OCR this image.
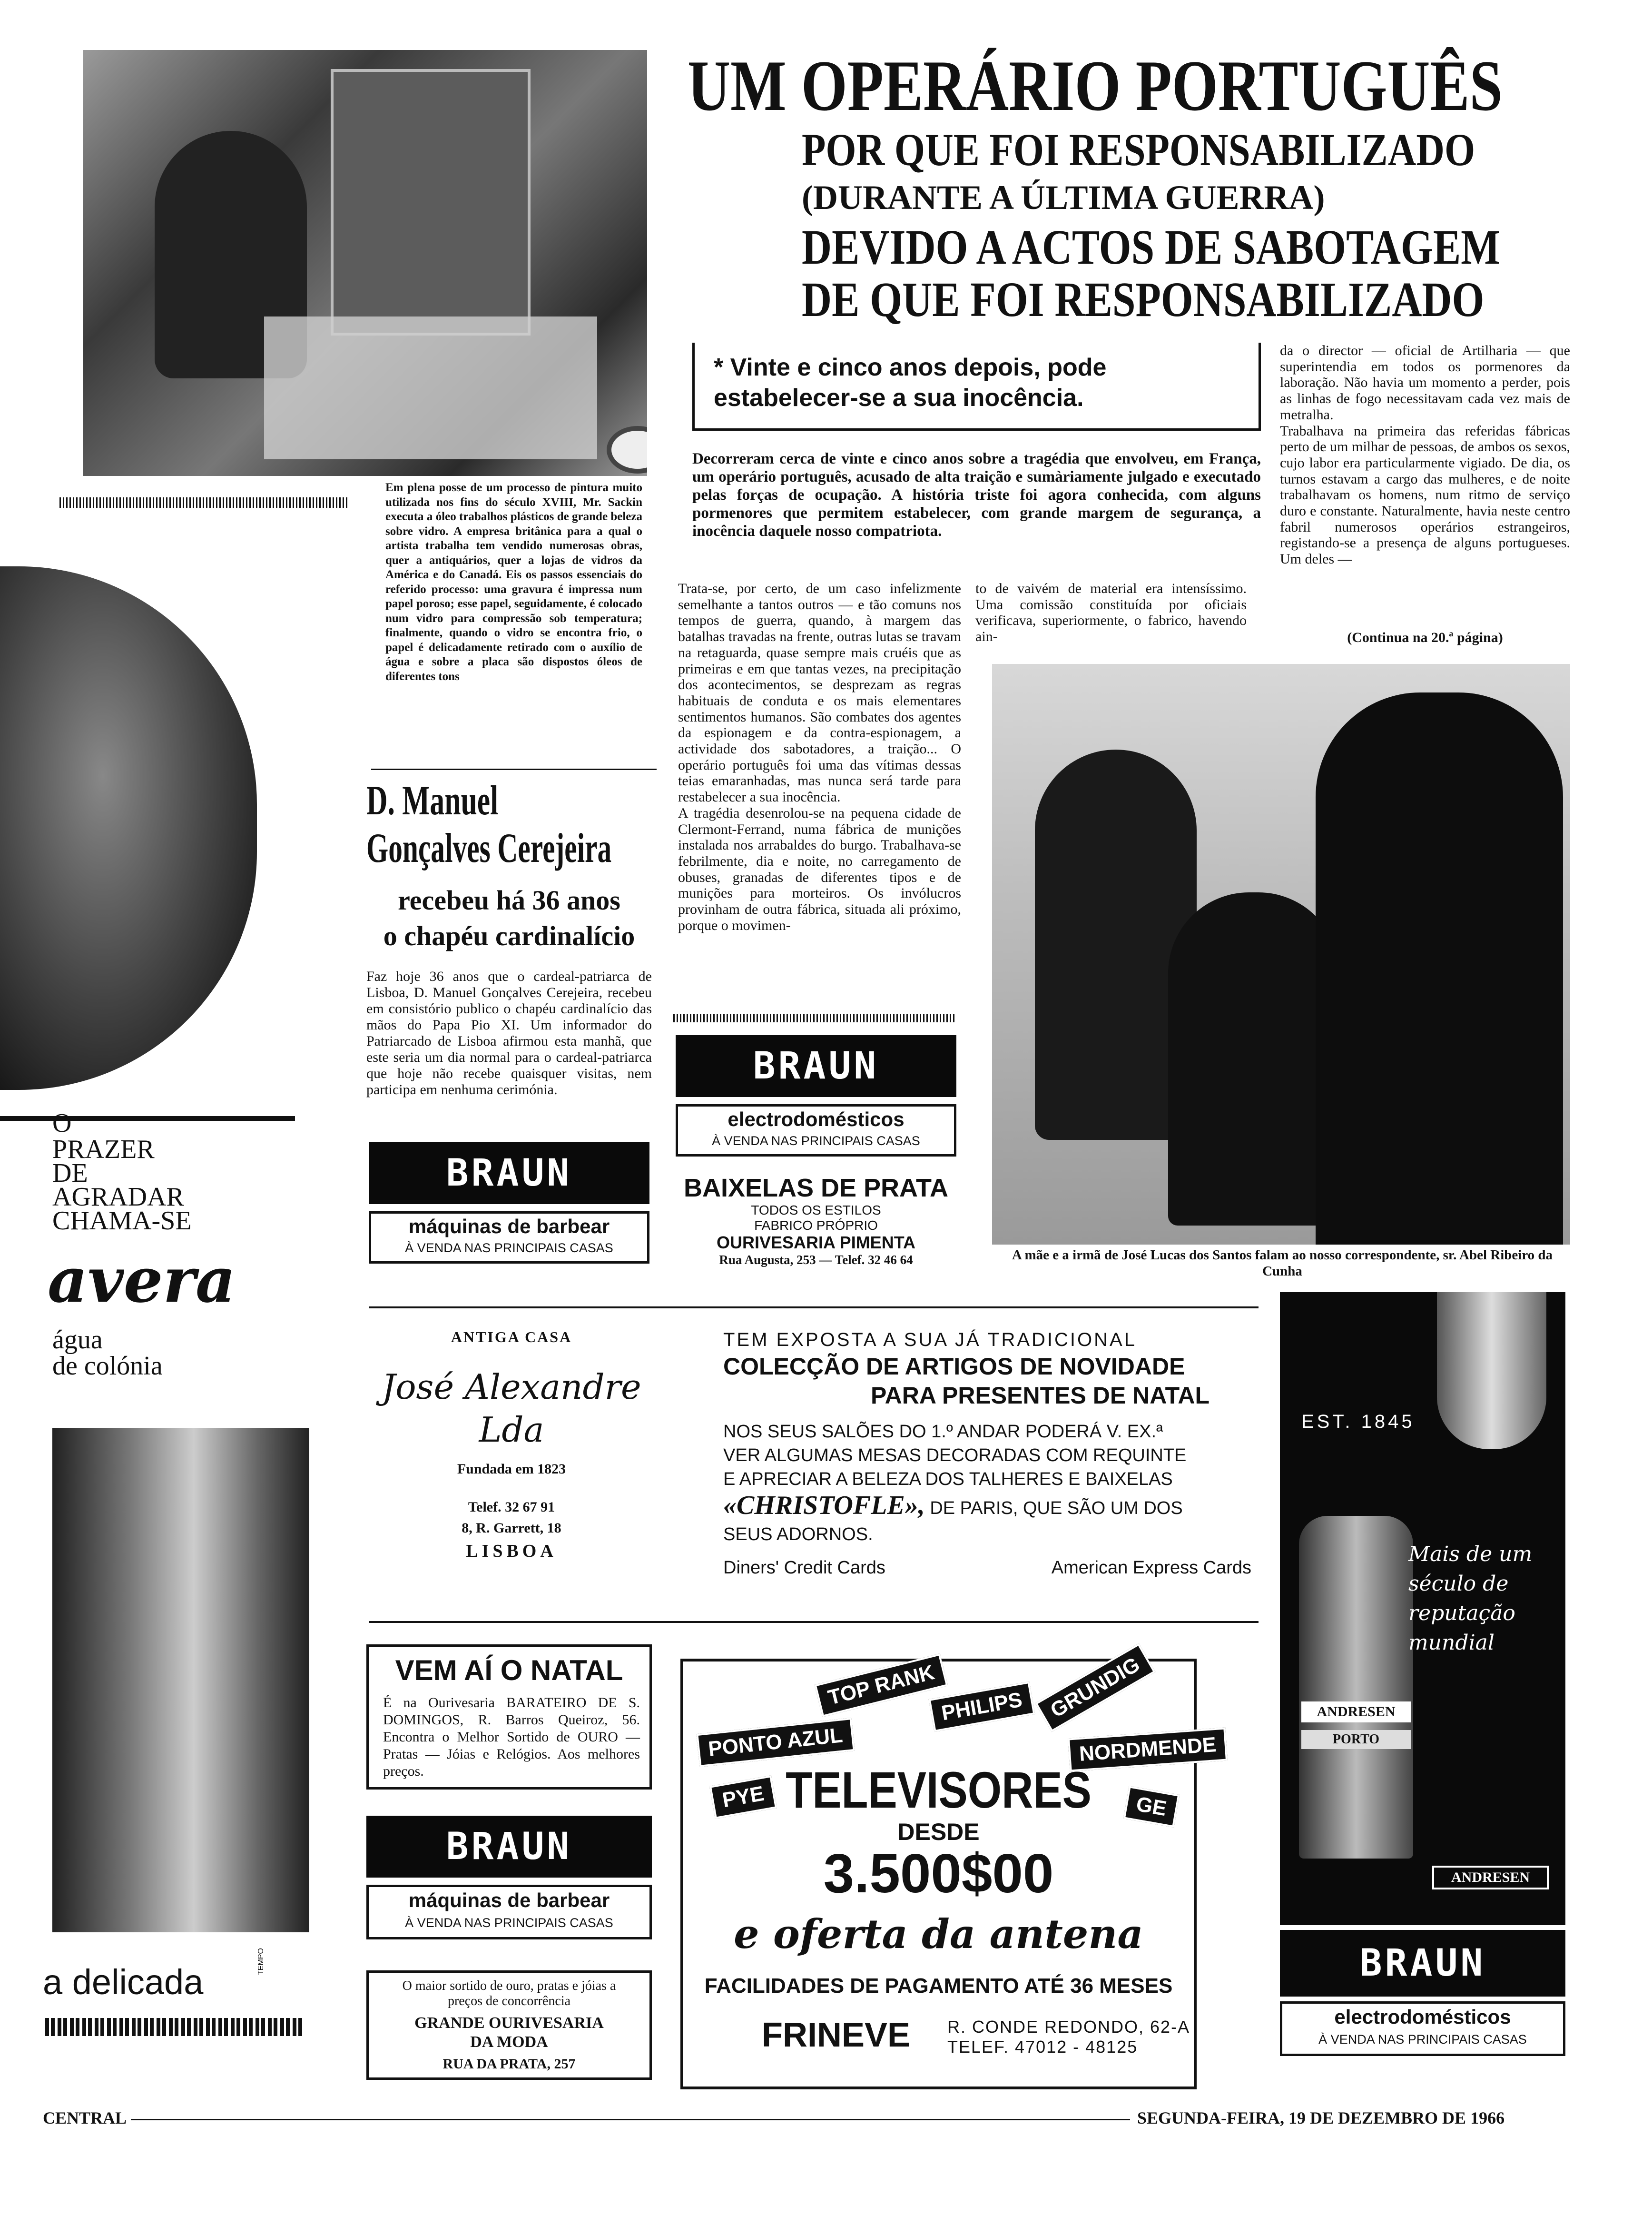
Em plena posse de um processo de pintura muito utilizada nos fins do século XVIII, Mr. Sackin executa a óleo trabalhos plásticos de grande beleza sobre vidro. A empresa britânica para a qual o artista trabalha tem vendido numerosas obras, quer a antiquários, quer a lojas de vidros da América e do Canadá. Eis os passos essenciais do referido processo: uma gravura é impressa num papel poroso; esse papel, seguidamente, é colocado num vidro para compressão sob temperatura; finalmente, quando o vidro se encontra frio, o papel é delicadamente retirado com o auxílio de água e sobre a placa são dispostos óleos de diferentes tons
D. Manuel
Gonçalves Cerejeira
recebeu há 36 anos
o chapéu cardinalício
Faz hoje 36 anos que o cardeal-patriarca de Lisboa, D. Manuel Gonçalves Cerejeira, recebeu em consistório publico o chapéu cardinalício das mãos do Papa Pio XI. Um informador do Patriarcado de Lisboa afirmou esta manhã, que este seria um dia normal para o cardeal-patriarca que hoje não recebe quaisquer visitas, nem participa em nenhuma cerimónia.
BRAUN
máquinas de barbear
À VENDA NAS PRINCIPAIS CASAS
O
PRAZER
DE
AGRADAR
CHAMA-SE
avera
água
de colónia
a delicada
TEMPO
UM OPERÁRIO PORTUGUÊS
POR QUE FOI RESPONSABILIZADO
(DURANTE A ÚLTIMA GUERRA)
DEVIDO A ACTOS DE SABOTAGEM
DE QUE FOI RESPONSABILIZADO
* Vinte e cinco anos depois, pode estabelecer-se a sua inocência.
Decorreram cerca de vinte e cinco anos sobre a tragédia que envolveu, em França, um operário português, acusado de alta traição e sumàriamente julgado e executado pelas forças de ocupação. A história triste foi agora conhecida, com alguns pormenores que permitem estabelecer, com grande margem de segurança, a inocência daquele nosso compatriota.
Trata-se, por certo, de um caso infelizmente semelhante a tantos outros — e tão comuns nos tempos de guerra, quando, à margem das batalhas travadas na frente, outras lutas se travam na retaguarda, quase sempre mais cruéis que as primeiras e em que tantas vezes, na precipitação dos acontecimentos, se desprezam as regras habituais de conduta e os mais elementares sentimentos humanos. São combates dos agentes da espionagem e da contra-espionagem, a actividade dos sabotadores, a traição... O operário português foi uma das vítimas dessas teias emaranhadas, mas nunca será tarde para restabelecer a sua inocência.
A tragédia desenrolou-se na pequena cidade de Clermont-Ferrand, numa fábrica de munições instalada nos arrabaldes do burgo. Trabalhava-se febrilmente, dia e noite, no carregamento de obuses, granadas de diferentes tipos e de munições para morteiros. Os invólucros provinham de outra fábrica, situada ali próximo, porque o movimen-
to de vaivém de material era intensíssimo. Uma comissão constituída por oficiais verificava, superiormente, o fabrico, havendo ain-
da o director — oficial de Artilharia — que superintendia em todos os pormenores da laboração. Não havia um momento a perder, pois as linhas de fogo necessitavam cada vez mais de metralha.
Trabalhava na primeira das referidas fábricas perto de um milhar de pessoas, de ambos os sexos, cujo labor era particularmente vigiado. De dia, os turnos estavam a cargo das mulheres, e de noite trabalhavam os homens, num ritmo de serviço duro e constante. Naturalmente, havia neste centro fabril numerosos operários estrangeiros, registando-se a presença de alguns portugueses. Um deles —
(Continua na 20.ª página)
A mãe e a irmã de José Lucas dos Santos falam ao nosso correspondente, sr. Abel Ribeiro da Cunha
BRAUN
electrodomésticos
À VENDA NAS PRINCIPAIS CASAS
BAIXELAS DE PRATA
TODOS OS ESTILOS
FABRICO PRÓPRIO
OURIVESARIA PIMENTA
Rua Augusta, 253 — Telef. 32 46 64
ANTIGA CASA
José Alexandre Lda
Fundada em 1823
Telef. 32 67 91
8, R. Garrett, 18
LISBOA
TEM EXPOSTA A SUA JÁ TRADICIONAL
COLECÇÃO DE ARTIGOS DE NOVIDADE
PARA PRESENTES DE NATAL
NOS SEUS SALÕES DO 1.º ANDAR PODERÁ V. EX.ª
VER ALGUMAS MESAS DECORADAS COM REQUINTE
E APRECIAR A BELEZA DOS TALHERES E BAIXELAS
«CHRISTOFLE», DE PARIS, QUE SÃO UM DOS
SEUS ADORNOS.
Diners' Credit Cards	American Express Cards
EST. 1845
ANDRESEN
PORTO
Mais de um século de reputação mundial
ANDRESEN
BRAUN
electrodomésticos
À VENDA NAS PRINCIPAIS CASAS
VEM AÍ O NATAL
É na Ourivesaria BARATEIRO DE S. DOMINGOS, R. Barros Queiroz, 56. Encontra o Melhor Sortido de OURO — Pratas — Jóias e Relógios. Aos melhores preços.
BRAUN
máquinas de barbear
À VENDA NAS PRINCIPAIS CASAS
O maior sortido de ouro, pratas e jóias a preços de concorrência
GRANDE OURIVESARIA
DA MODA
RUA DA PRATA, 257
TOP RANK PHILIPS	GRUNDIG
PONTO AZUL	NORDMENDE
PYE	GE
TELEVISORES
DESDE
3.500$00
e oferta da antena
FACILIDADES DE PAGAMENTO ATÉ 36 MESES
FRINEVE R. CONDE REDONDO, 62-A
TELEF. 47012 - 48125
CENTRAL	SEGUNDA-FEIRA, 19 DE DEZEMBRO DE 1966
